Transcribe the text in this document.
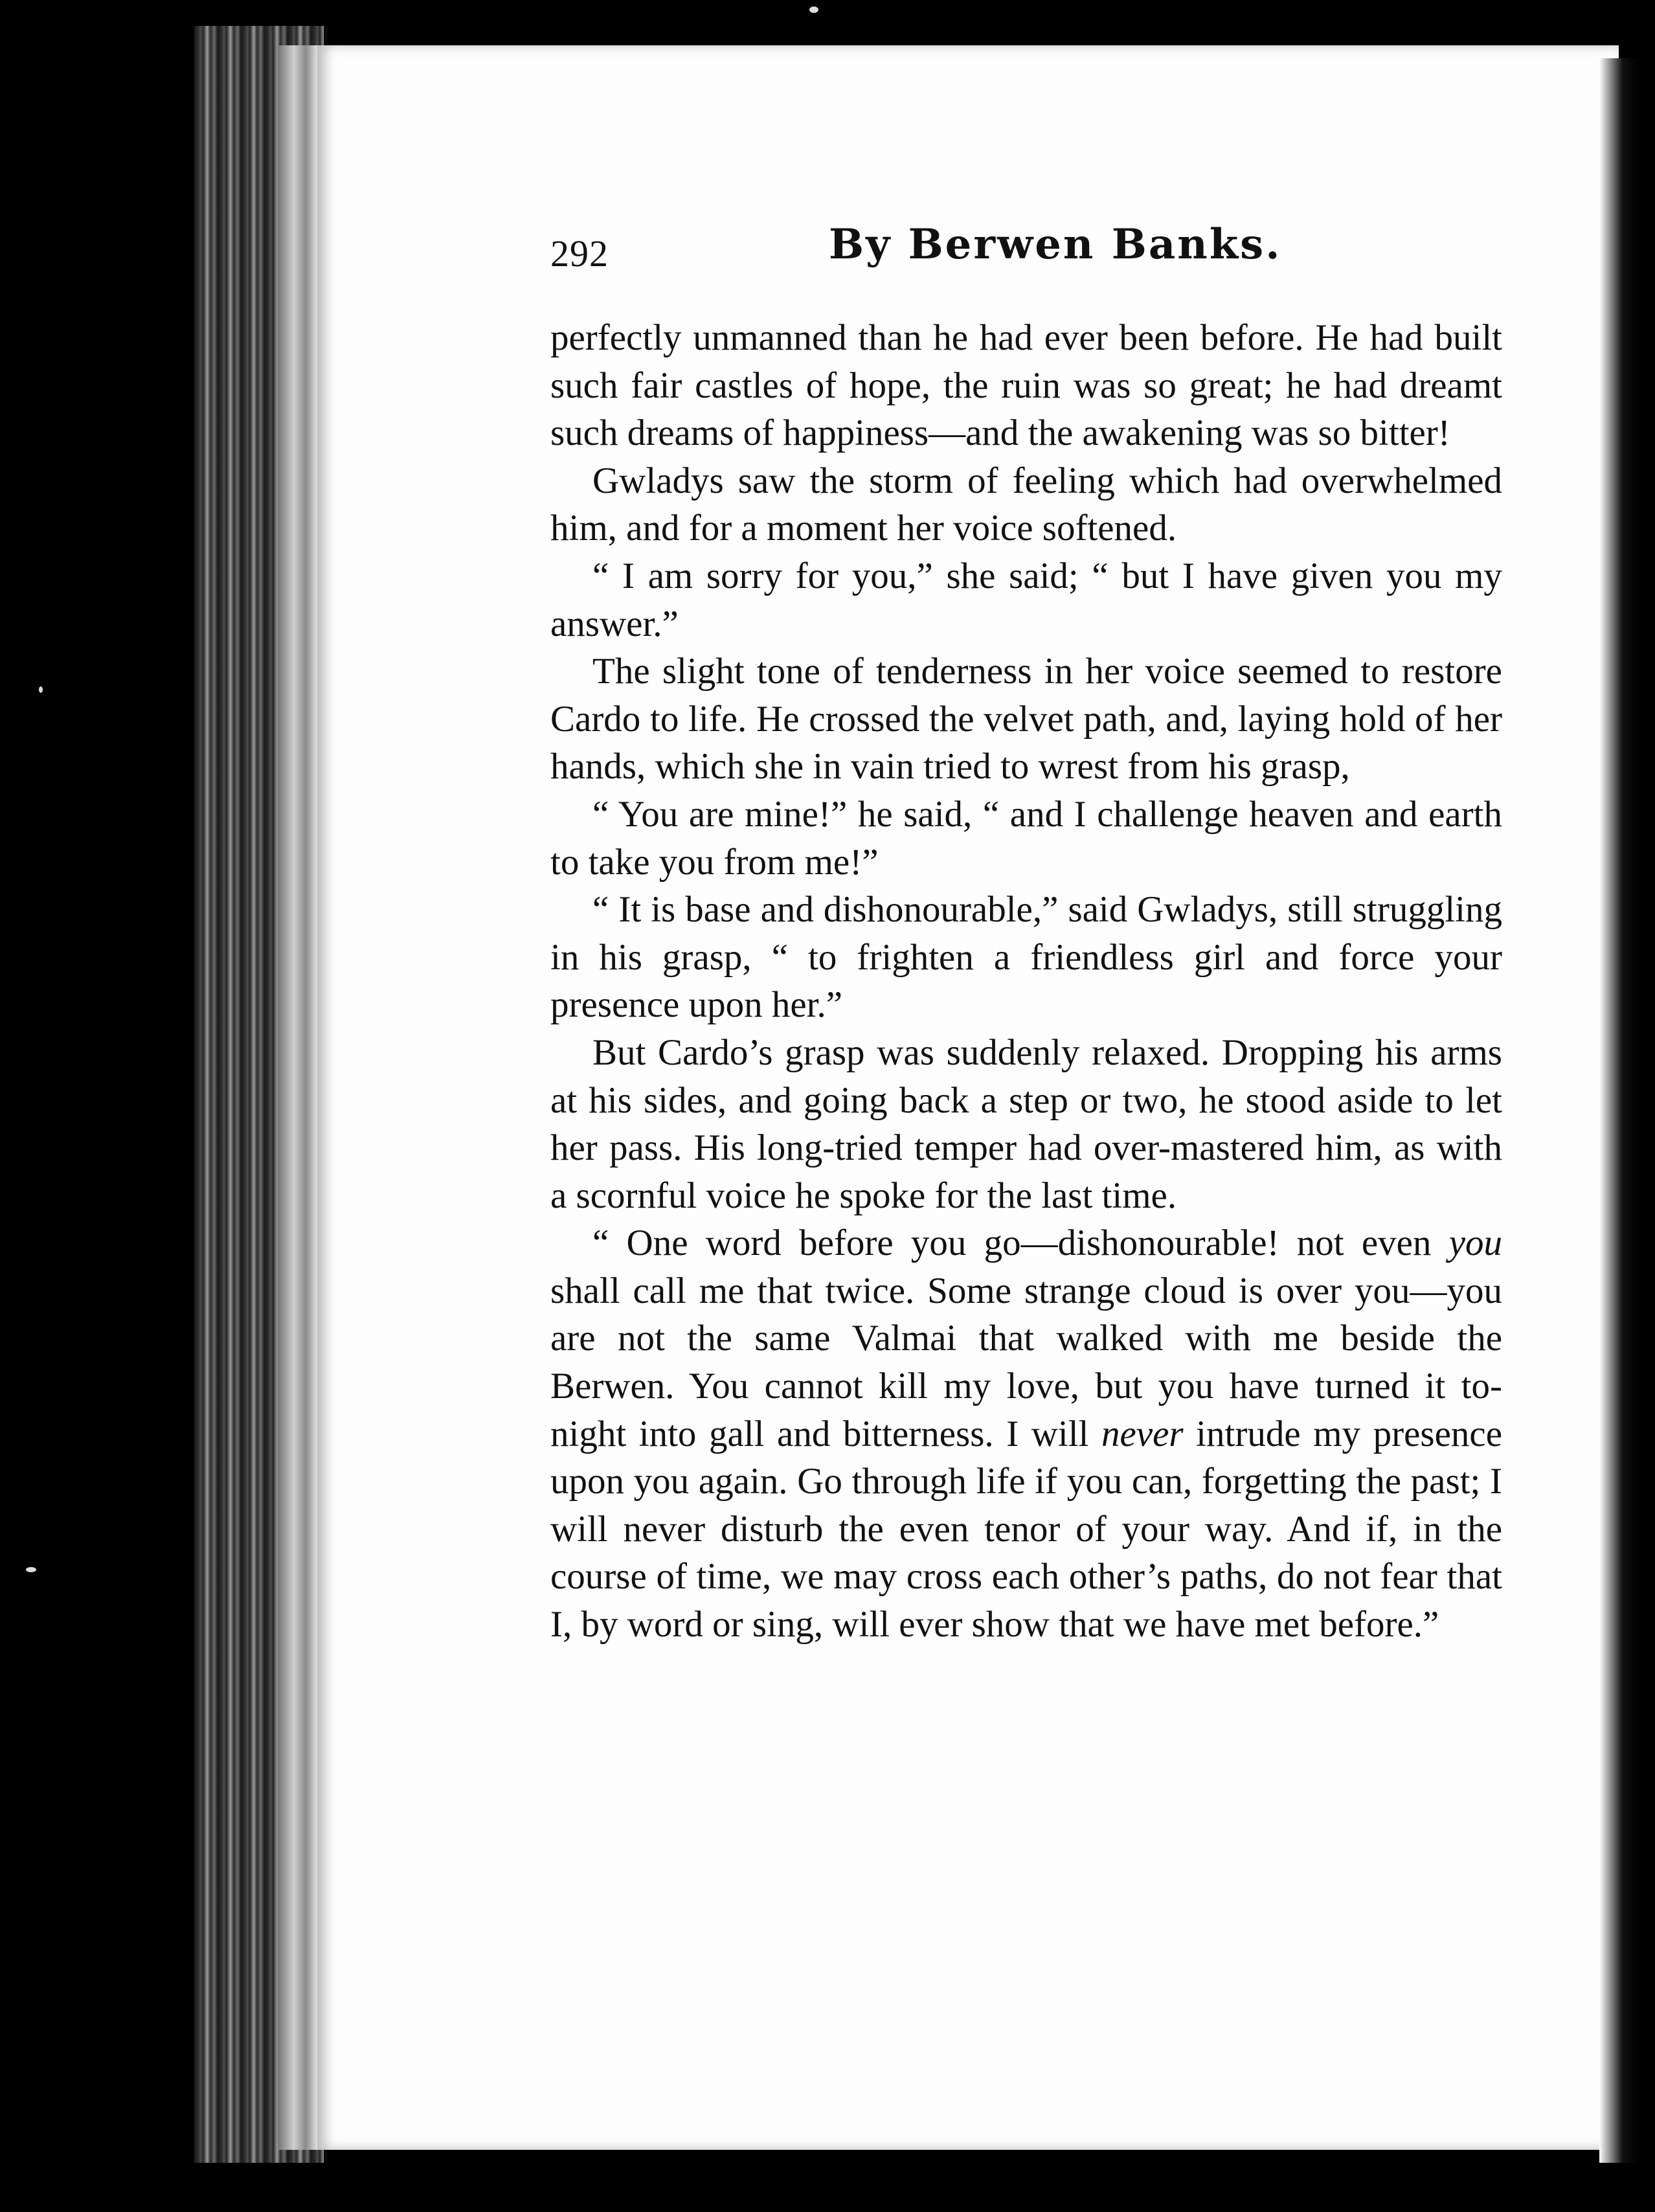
292	By Berwen Banks.

perfectly unmanned than he had ever been before. He had built such fair castles of hope, the ruin was so great; he had dreamt such dreams of happiness—and the awakening was so bitter!

Gwladys saw the storm of feeling which had overwhelmed him, and for a moment her voice softened.

“ I am sorry for you,” she said; “ but I have given you my answer.”

The slight tone of tenderness in her voice seemed to restore Cardo to life. He crossed the velvet path, and, laying hold of her hands, which she in vain tried to wrest from his grasp,

“ You are mine!” he said, “ and I challenge heaven and earth to take you from me!”

“ It is base and dishonourable,” said Gwladys, still struggling in his grasp, “ to frighten a friendless girl and force your presence upon her.”

But Cardo’s grasp was suddenly relaxed. Dropping his arms at his sides, and going back a step or two, he stood aside to let her pass. His long-tried temper had over-mastered him, as with a scornful voice he spoke for the last time.

“ One word before you go—dishonourable! not even you shall call me that twice. Some strange cloud is over you—you are not the same Valmai that walked with me beside the Berwen. You cannot kill my love, but you have turned it to-night into gall and bitterness. I will never intrude my presence upon you again. Go through life if you can, forgetting the past; I will never disturb the even tenor of your way. And if, in the course of time, we may cross each other’s paths, do not fear that I, by word or sing, will ever show that we have met before.”
